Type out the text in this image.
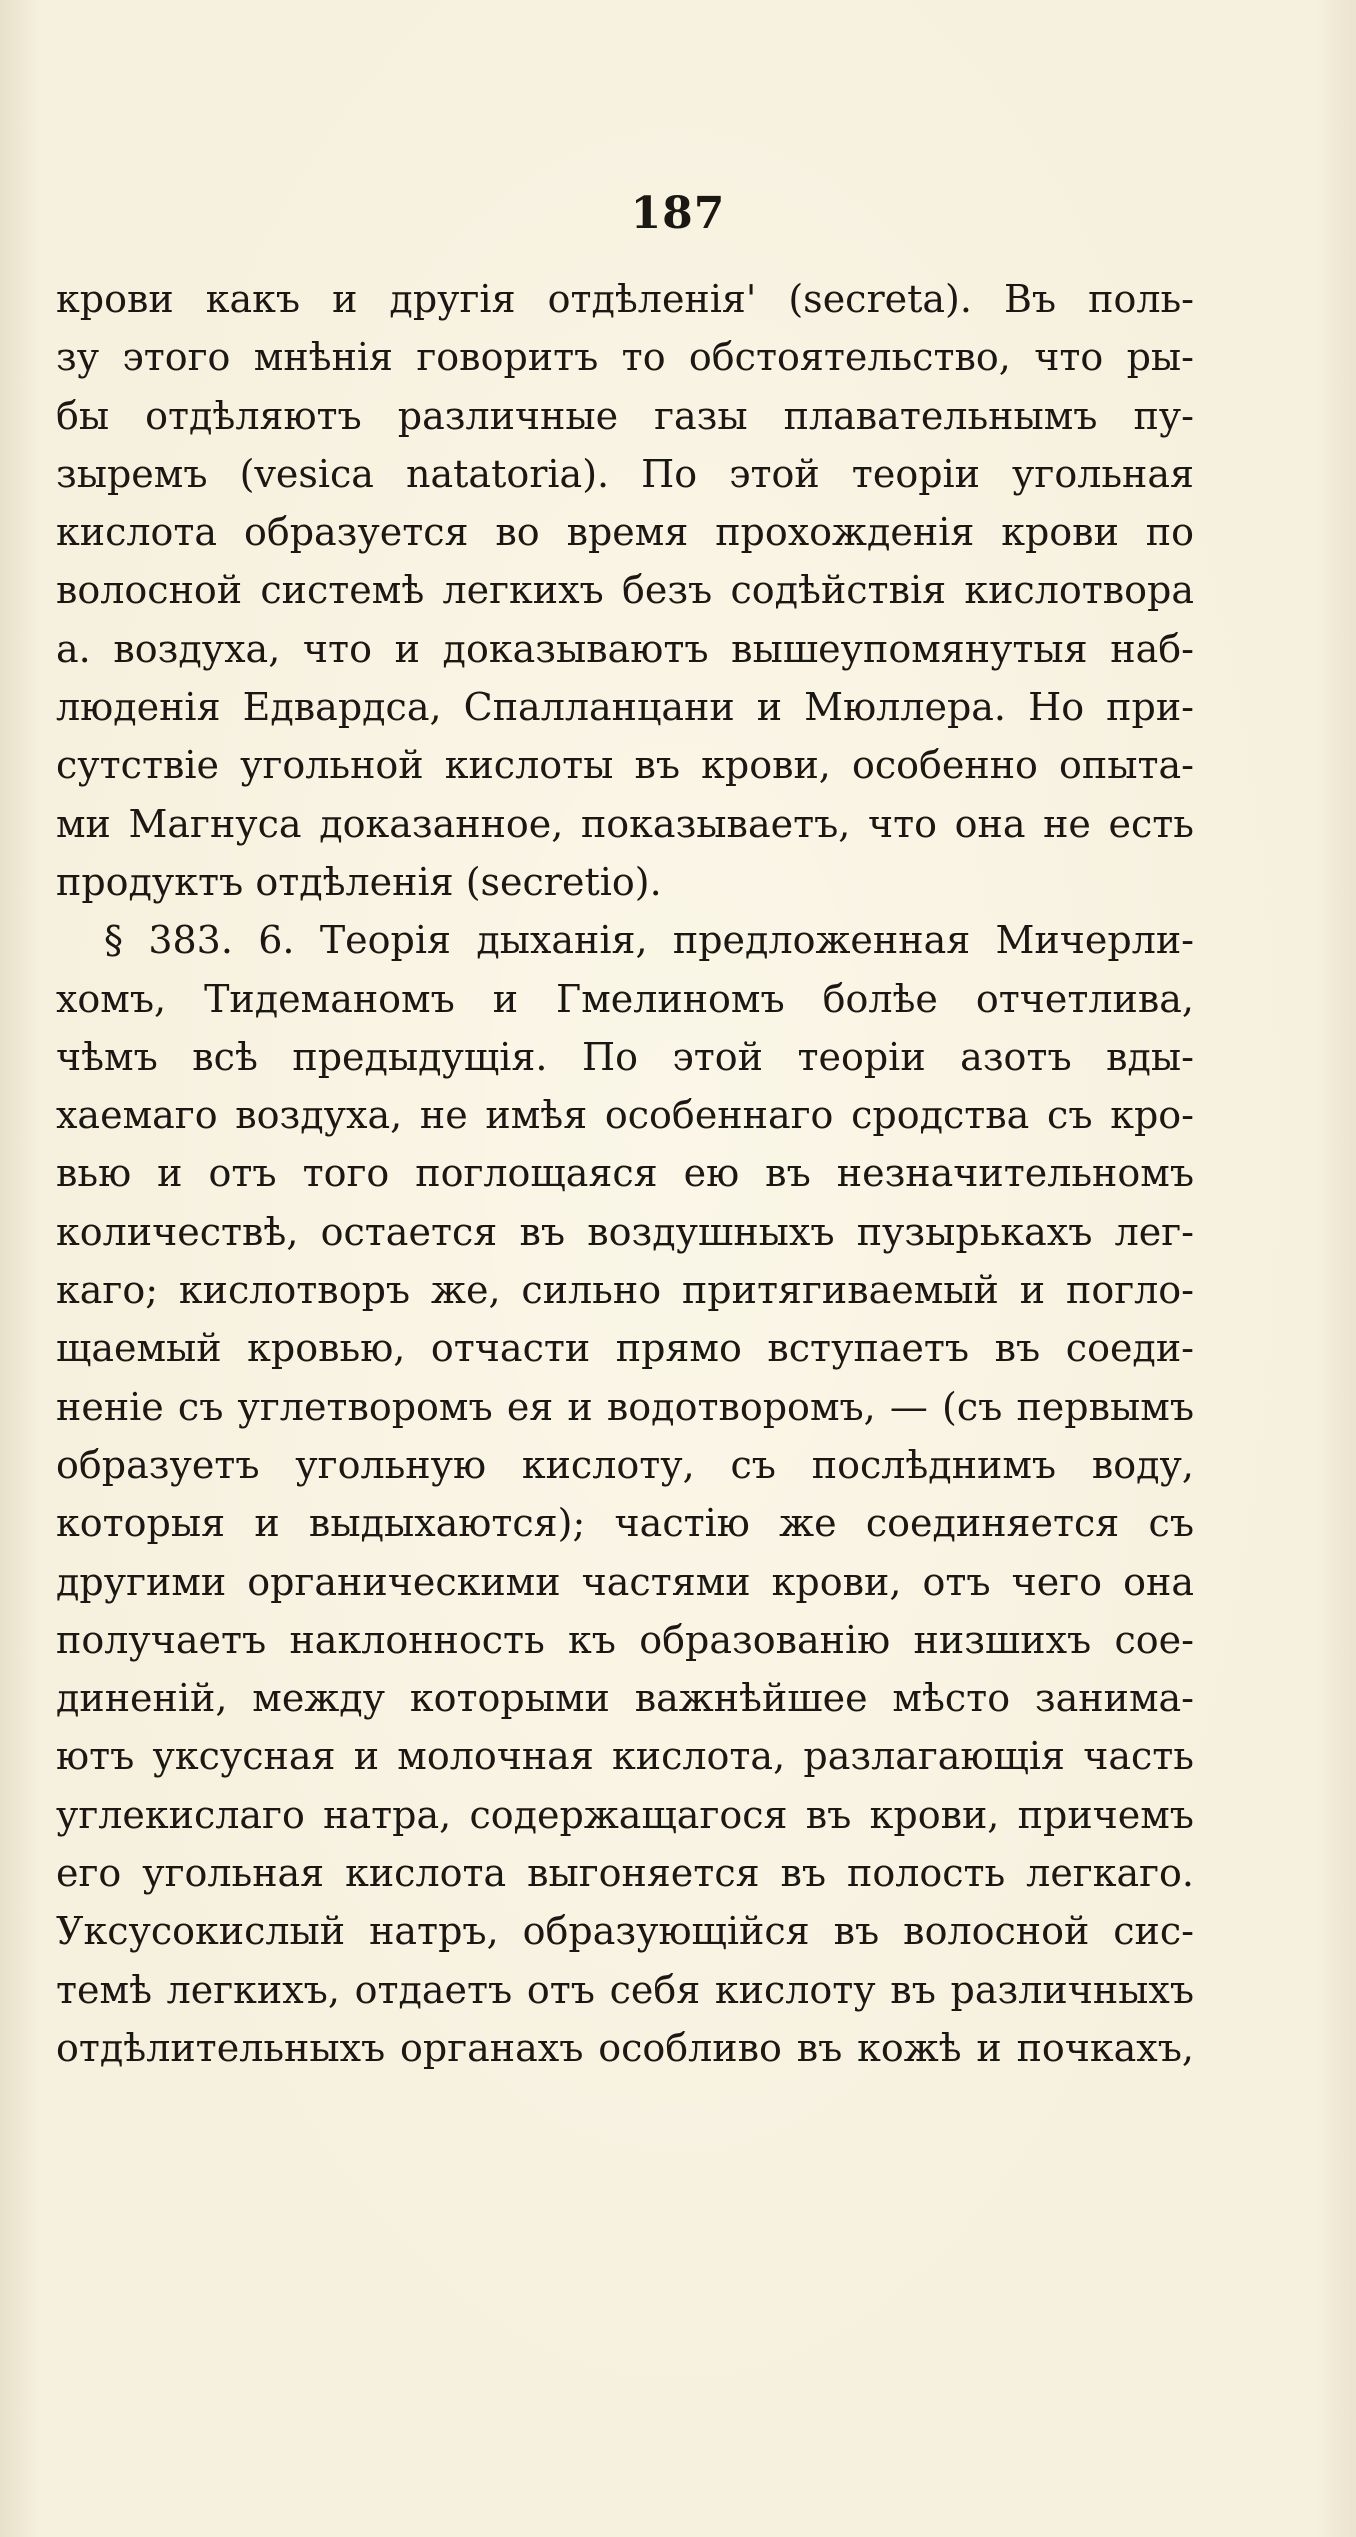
187
крови какъ и другія отдѣленія' (secreta). Въ поль-
зу этого мнѣнія говоритъ то обстоятельство, что ры-
бы отдѣляютъ различные газы плавательнымъ пу-
зыремъ (vesica natatoria). По этой теоріи угольная
кислота образуется во время прохожденія крови по
волосной системѣ легкихъ безъ содѣйствія кислотвора
а. воздуха, что и доказываютъ вышеупомянутыя наб-
люденія Едвардса, Спалланцани и Мюллера. Но при-
сутствіе угольной кислоты въ крови, особенно опыта-
ми Магнуса доказанное, показываетъ, что она не есть
продуктъ отдѣленія (secretio).
§ 383. 6. Теорія дыханія, предложенная Мичерли-
хомъ, Тидеманомъ и Гмелиномъ болѣе отчетлива,
чѣмъ всѣ предыдущія. По этой теоріи азотъ вды-
хаемаго воздуха, не имѣя особеннаго сродства съ кро-
вью и отъ того поглощаяся ею въ незначительномъ
количествѣ, остается въ воздушныхъ пузырькахъ лег-
каго; кислотворъ же, сильно притягиваемый и погло-
щаемый кровью, отчасти прямо вступаетъ въ соеди-
неніе съ углетворомъ ея и водотворомъ, — (съ первымъ
образуетъ угольную кислоту, съ послѣднимъ воду,
которыя и выдыхаются); частію же соединяется съ
другими органическими частями крови, отъ чего она
получаетъ наклонность къ образованію низшихъ сое-
диненій, между которыми важнѣйшее мѣсто занима-
ютъ уксусная и молочная кислота, разлагающія часть
углекислаго натра, содержащагося въ крови, причемъ
его угольная кислота выгоняется въ полость легкаго.
Уксусокислый натръ, образующійся въ волосной сис-
темѣ легкихъ, отдаетъ отъ себя кислоту въ различныхъ
отдѣлительныхъ органахъ особливо въ кожѣ и почкахъ,
